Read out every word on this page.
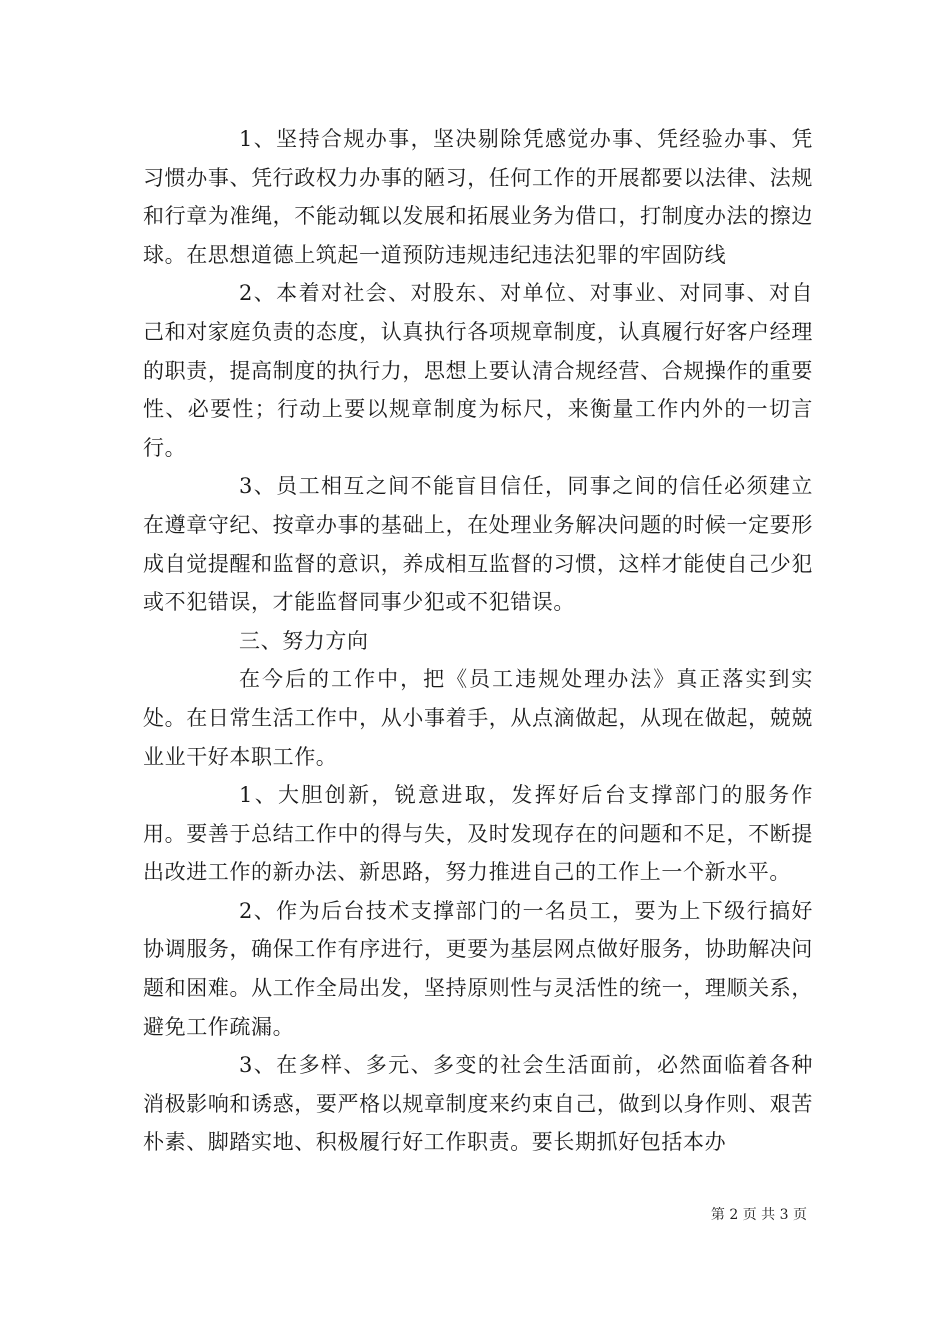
1、坚持合规办事，坚决剔除凭感觉办事、凭经验办事、凭习惯办事、凭行政权力办事的陋习，任何工作的开展都要以法律、法规和行章为准绳，不能动辄以发展和拓展业务为借口，打制度办法的擦边球。在思想道德上筑起一道预防违规违纪违法犯罪的牢固防线

2、本着对社会、对股东、对单位、对事业、对同事、对自己和对家庭负责的态度，认真执行各项规章制度，认真履行好客户经理的职责，提高制度的执行力，思想上要认清合规经营、合规操作的重要性、必要性；行动上要以规章制度为标尺，来衡量工作内外的一切言行。

3、员工相互之间不能盲目信任，同事之间的信任必须建立在遵章守纪、按章办事的基础上，在处理业务解决问题的时候一定要形成自觉提醒和监督的意识，养成相互监督的习惯，这样才能使自己少犯或不犯错误，才能监督同事少犯或不犯错误。

三、努力方向

在今后的工作中，把《员工违规处理办法》真正落实到实处。在日常生活工作中，从小事着手，从点滴做起，从现在做起，兢兢业业干好本职工作。

1、大胆创新，锐意进取，发挥好后台支撑部门的服务作用。要善于总结工作中的得与失，及时发现存在的问题和不足，不断提出改进工作的新办法、新思路，努力推进自己的工作上一个新水平。

2、作为后台技术支撑部门的一名员工，要为上下级行搞好协调服务，确保工作有序进行，更要为基层网点做好服务，协助解决问题和困难。从工作全局出发，坚持原则性与灵活性的统一，理顺关系，避免工作疏漏。

3、在多样、多元、多变的社会生活面前，必然面临着各种消极影响和诱惑，要严格以规章制度来约束自己，做到以身作则、艰苦朴素、脚踏实地、积极履行好工作职责。要长期抓好包括本办

第 2 页 共 3 页
